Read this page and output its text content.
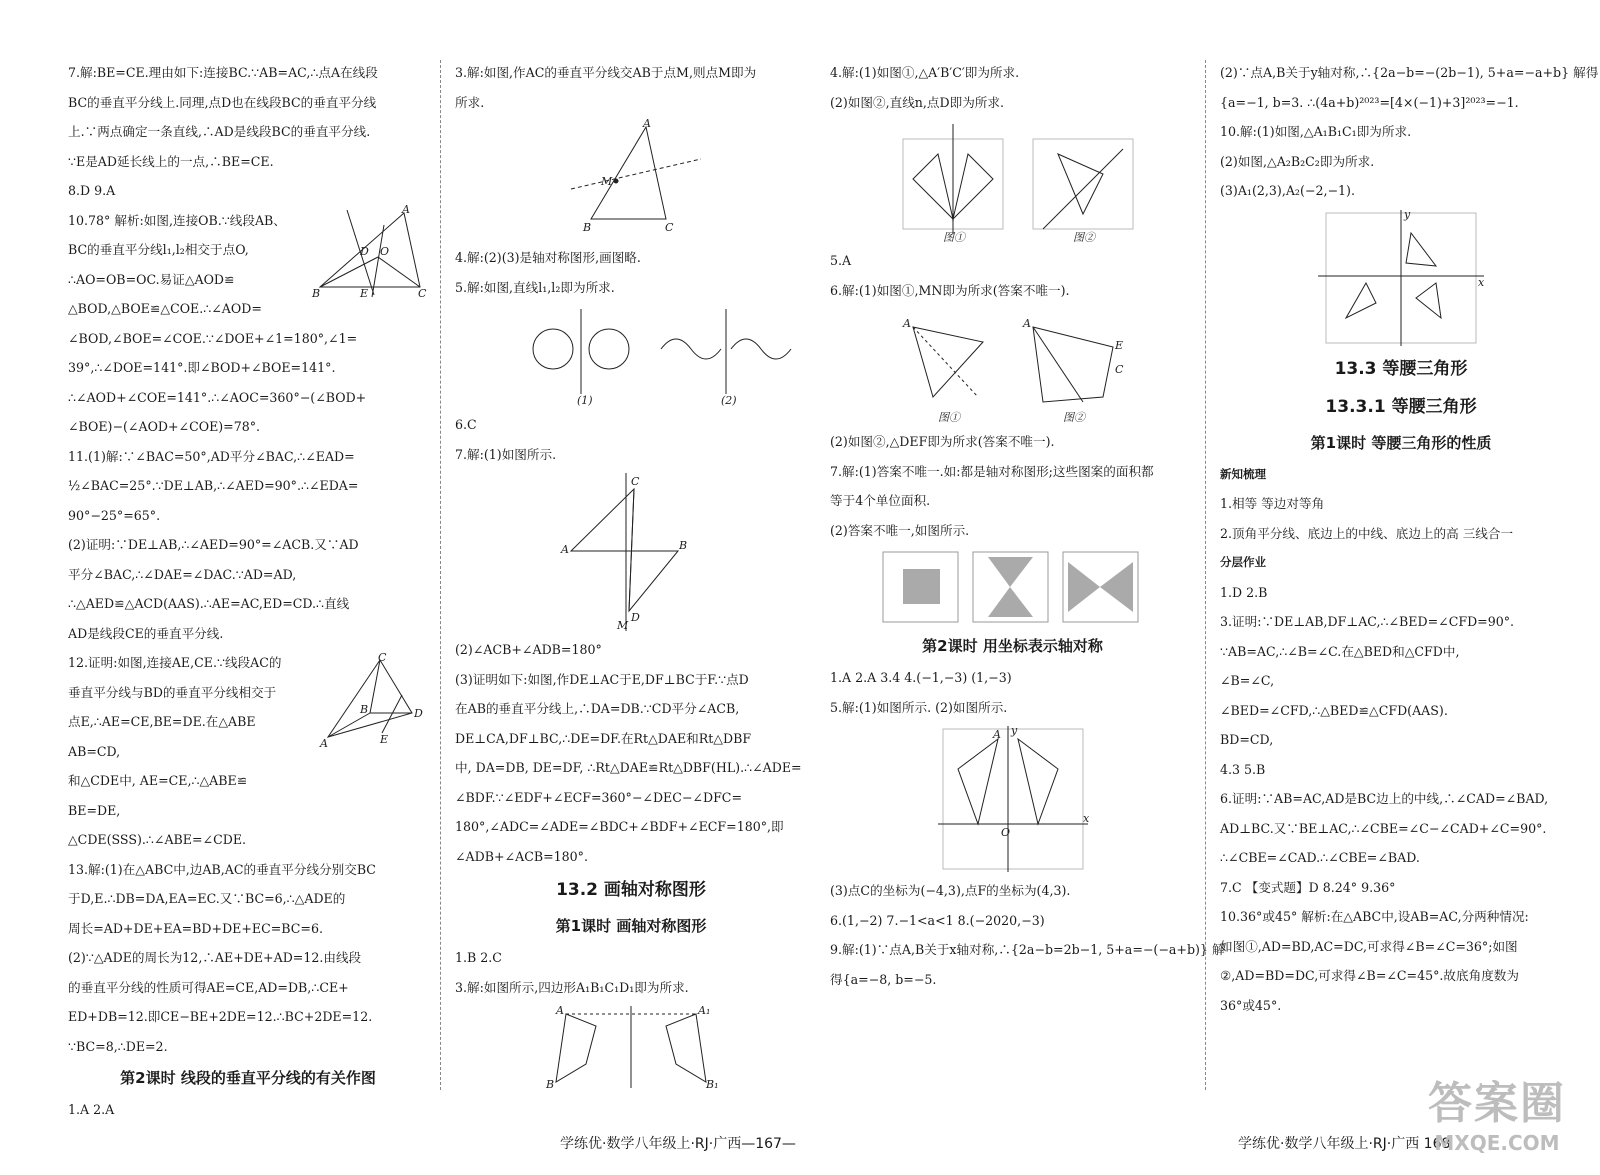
7.解:BE=CE.理由如下:连接BC.∵AB=AC,∴点A在线段

BC的垂直平分线上.同理,点D也在线段BC的垂直平分线

上.∵两点确定一条直线,∴AD是线段BC的垂直平分线.

∵E是AD延长线上的一点,∴BE=CE.

8.D 9.A

10.78° 解析:如图,连接OB.∵线段AB、

BC的垂直平分线l₁,l₂相交于点O,

∴AO=OB=OC.易证△AOD≌

△BOD,△BOE≌△COE.∴∠AOD=

∠BOD,∠BOE=∠COE.∵∠DOE+∠1=180°,∠1=

39°,∴∠DOE=141°.即∠BOD+∠BOE=141°.

∴∠AOD+∠COE=141°.∴∠AOC=360°−(∠BOD+

∠BOE)−(∠AOD+∠COE)=78°.

11.(1)解:∵∠BAC=50°,AD平分∠BAC,∴∠EAD=

½∠BAC=25°.∵DE⊥AB,∴∠AED=90°.∴∠EDA=

90°−25°=65°.

(2)证明:∵DE⊥AB,∴∠AED=90°=∠ACB.又∵AD

平分∠BAC,∴∠DAE=∠DAC.∵AD=AD,

∴△AED≌△ACD(AAS).∴AE=AC,ED=CD.∴直线

AD是线段CE的垂直平分线.

12.证明:如图,连接AE,CE.∵线段AC的

垂直平分线与BD的垂直平分线相交于

点E,∴AE=CE,BE=DE.在△ABE

AB=CD,

和△CDE中, AE=CE,∴△ABE≌

BE=DE,

△CDE(SSS).∴∠ABE=∠CDE.

13.解:(1)在△ABC中,边AB,AC的垂直平分线分别交BC

于D,E.∴DB=DA,EA=EC.又∵BC=6,∴△ADE的

周长=AD+DE+EA=BD+DE+EC=BC=6.

(2)∵△ADE的周长为12,∴AE+DE+AD=12.由线段

的垂直平分线的性质可得AE=CE,AD=DB,∴CE+

ED+DB=12.即CE−BE+2DE=12.∴BC+2DE=12.

∵BC=8,∴DE=2.

第2课时 线段的垂直平分线的有关作图

1.A 2.A

A
B	C
D O
E
C
A
B	D
E

3.解:如图,作AC的垂直平分线交AB于点M,则点M即为

所求.

A
B	C
M

4.解:(2)(3)是轴对称图形,画图略.

5.解:如图,直线l₁,l₂即为所求.

(1)	(2)

6.C

7.解:(1)如图所示.

C
A	B
D
M

(2)∠ACB+∠ADB=180°

(3)证明如下:如图,作DE⊥AC于E,DF⊥BC于F.∵点D

在AB的垂直平分线上,∴DA=DB.∵CD平分∠ACB,

DE⊥CA,DF⊥BC,∴DE=DF.在Rt△DAE和Rt△DBF

中, DA=DB, DE=DF, ∴Rt△DAE≌Rt△DBF(HL).∴∠ADE=

∠BDF.∵∠EDF+∠ECF=360°−∠DEC−∠DFC=

180°,∠ADC=∠ADE=∠BDC+∠BDF+∠ECF=180°,即

∠ADB+∠ACB=180°.

13.2 画轴对称图形

第1课时 画轴对称图形

1.B 2.C

3.解:如图所示,四边形A₁B₁C₁D₁即为所求.

A	A₁
B	B₁

4.解:(1)如图①,△A′B′C′即为所求.

(2)如图②,直线n,点D即为所求.

图①	图②

5.A

6.解:(1)如图①,MN即为所求(答案不唯一).

A	A
E
C
图①	图②

(2)如图②,△DEF即为所求(答案不唯一).

7.解:(1)答案不唯一.如:都是轴对称图形;这些图案的面积都

等于4个单位面积.

(2)答案不唯一,如图所示.

第2课时 用坐标表示轴对称

1.A 2.A 3.4 4.(−1,−3) (1,−3)

5.解:(1)如图所示. (2)如图所示.

A
x
y
O

(3)点C的坐标为(−4,3),点F的坐标为(4,3).

6.(1,−2) 7.−1<a<1 8.(−2020,−3)

9.解:(1)∵点A,B关于x轴对称,∴{2a−b=2b−1, 5+a=−(−a+b)} 解

得{a=−8, b=−5.

(2)∵点A,B关于y轴对称,∴{2a−b=−(2b−1), 5+a=−a+b} 解得

{a=−1, b=3. ∴(4a+b)²⁰²³=[4×(−1)+3]²⁰²³=−1.

10.解:(1)如图,△A₁B₁C₁即为所求.

(2)如图,△A₂B₂C₂即为所求.

(3)A₁(2,3),A₂(−2,−1).

x
y

13.3 等腰三角形

13.3.1 等腰三角形

第1课时 等腰三角形的性质

新知梳理

1.相等 等边对等角

2.顶角平分线、底边上的中线、底边上的高 三线合一

分层作业

1.D 2.B

3.证明:∵DE⊥AB,DF⊥AC,∴∠BED=∠CFD=90°.

∵AB=AC,∴∠B=∠C.在△BED和△CFD中,

∠B=∠C,

∠BED=∠CFD,∴△BED≌△CFD(AAS).

BD=CD,

4.3 5.B

6.证明:∵AB=AC,AD是BC边上的中线,∴∠CAD=∠BAD,

AD⊥BC.又∵BE⊥AC,∴∠CBE=∠C−∠CAD+∠C=90°.

∴∠CBE=∠CAD.∴∠CBE=∠BAD.

7.C 【变式题】D 8.24° 9.36°

10.36°或45° 解析:在△ABC中,设AB=AC,分两种情况:

如图①,AD=BD,AC=DC,可求得∠B=∠C=36°;如图

②,AD=BD=DC,可求得∠B=∠C=45°.故底角度数为

36°或45°.

学练优·数学八年级上·RJ·广西—167—	学练优·数学八年级上·RJ·广西 168
答案圈
MXQE.COM
